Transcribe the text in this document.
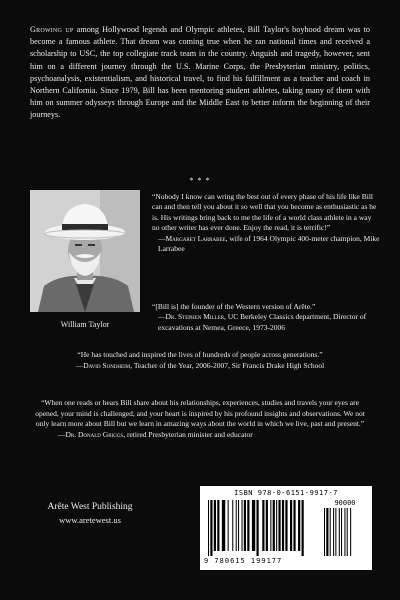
Growing up among Hollywood legends and Olympic athletes, Bill Taylor's boyhood dream was to become a famous athlete. That dream was coming true when he ran national times and received a scholarship to USC, the top collegiate track team in the country. Anguish and tragedy, however, sent him on a different journey through the U.S. Marine Corps, the Presbyterian ministry, politics, psychoanalysis, existentialism, and historical travel, to find his fulfillment as a teacher and coach in Northern California. Since 1979, Bill has been mentoring student athletes, taking many of them with him on summer odysseys through Europe and the Middle East to better inform the beginning of their journeys.

* * *
William Taylor

“Nobody I know can wring the best out of every phase of his life like Bill can and then tell you about it so well that you become as enthusiastic as he is. His writings bring back to me the life of a world class athlete in a way no other writer has ever done. Enjoy the read, it is terrific!”

—Margaret Larrabee, wife of 1964 Olympic 400-meter champion, Mike Larrabee

“[Bill is] the founder of the Western version of Arête.”

—Dr. Stephen Miller, UC Berkeley Classics department, Director of excavations at Nemea, Greece, 1973-2006

“He has touched and inspired the lives of hundreds of people across generations.”

—David Sondheim, Teacher of the Year, 2006-2007, Sir Francis Drake High School

“When one reads or hears Bill share about his relationships, experiences, studies and travels your eyes are opened, your mind is challenged, and your heart is inspired by his profound insights and observations. We not only learn more about Bill but we learn in amazing ways about the world in which we live, past and present.”

—Dr. Donald Griggs, retired Presbyterian minister and educator

Arête West Publishing
www.aretewest.us
ISBN 978-0-6151-9917-7
90000
9 780615 199177
